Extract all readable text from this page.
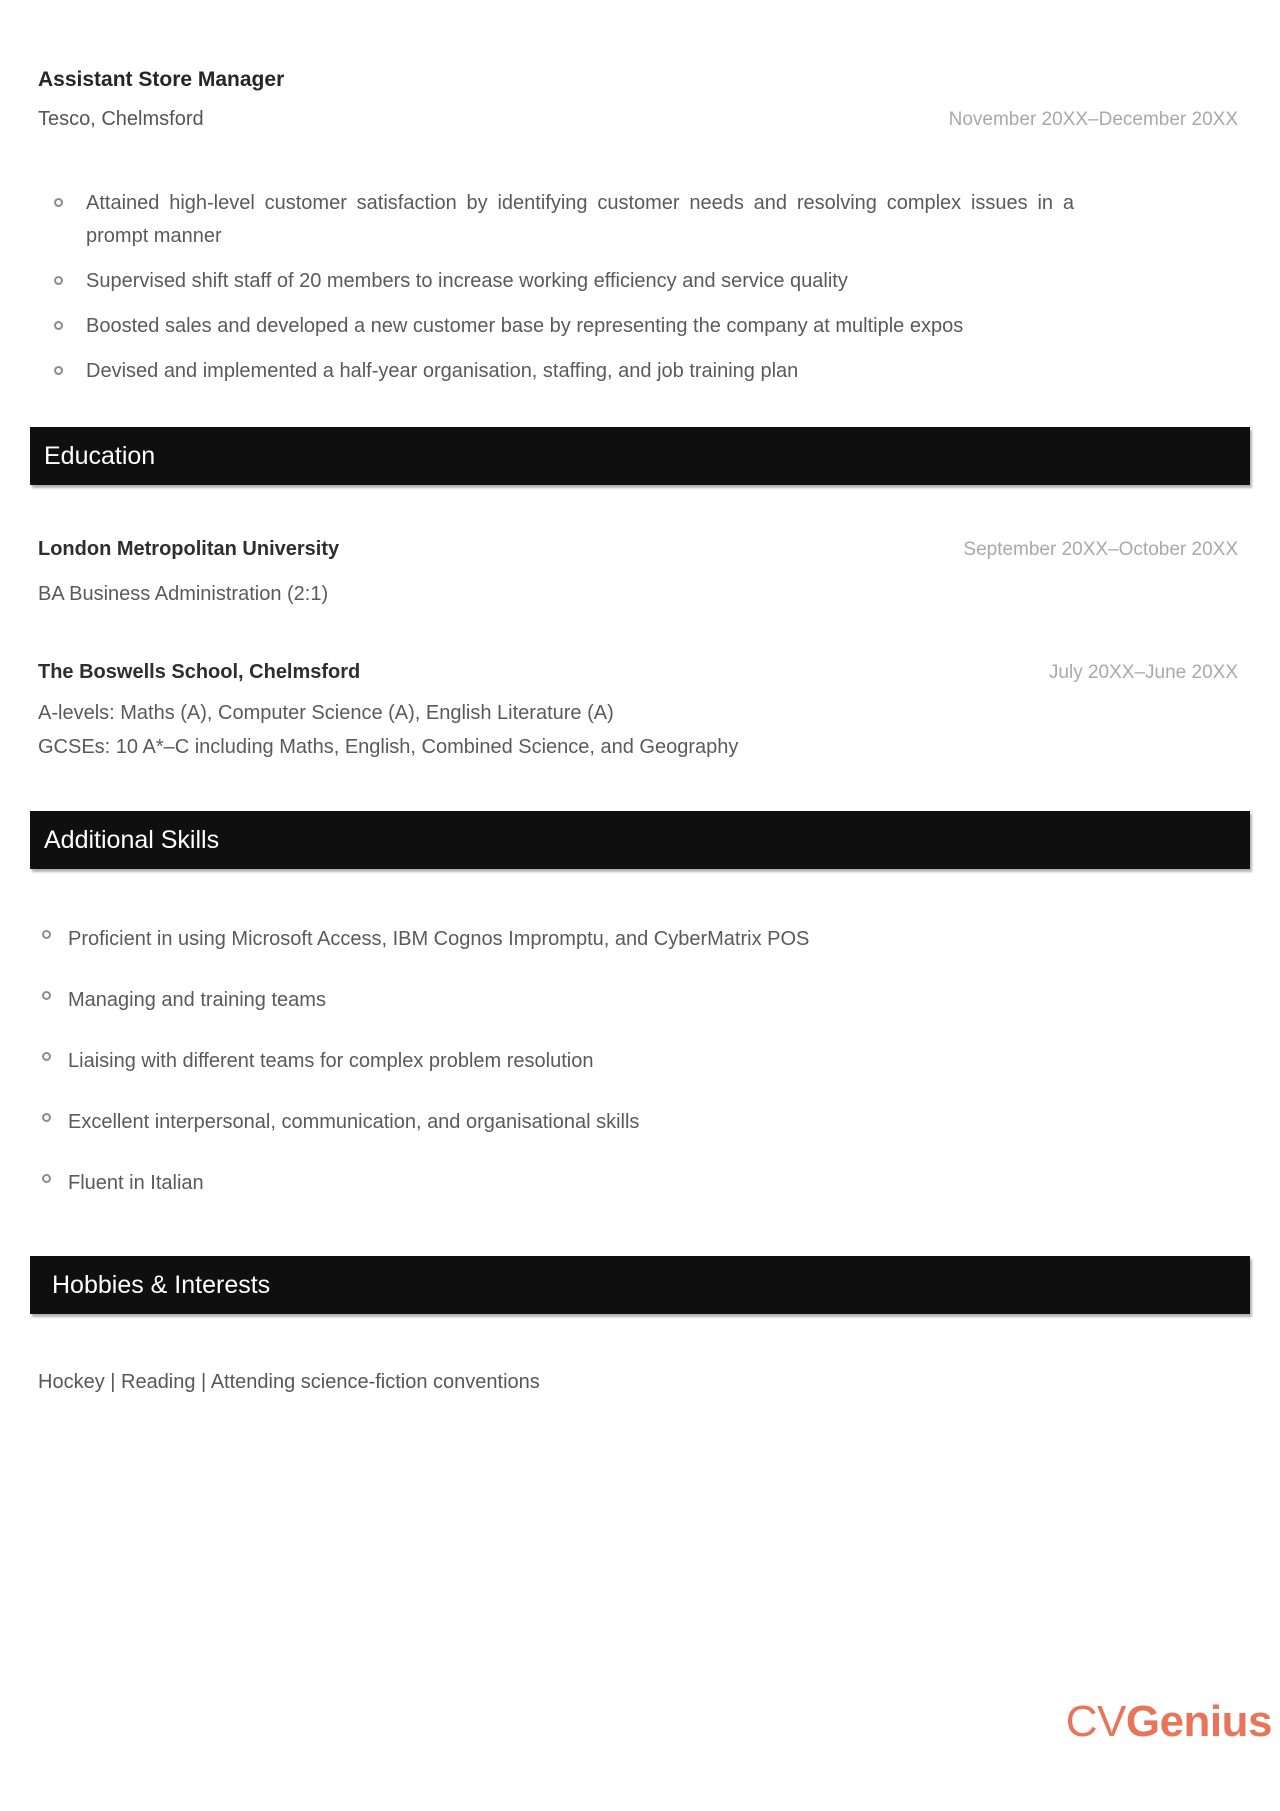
Assistant Store Manager
Tesco, Chelmsford	November 20XX–December 20XX
Attained high-level customer satisfaction by identifying customer needs and resolving complex issues in a prompt manner
Supervised shift staff of 20 members to increase working efficiency and service quality
Boosted sales and developed a new customer base by representing the company at multiple expos
Devised and implemented a half-year organisation, staffing, and job training plan
Education
London Metropolitan University	September 20XX–October 20XX
BA Business Administration (2:1)
The Boswells School, Chelmsford	July 20XX–June 20XX
A-levels: Maths (A), Computer Science (A), English Literature (A)
GCSEs: 10 A*–C including Maths, English, Combined Science, and Geography
Additional Skills
Proficient in using Microsoft Access, IBM Cognos Impromptu, and CyberMatrix POS
Managing and training teams
Liaising with different teams for complex problem resolution
Excellent interpersonal, communication, and organisational skills
Fluent in Italian
Hobbies & Interests
Hockey | Reading | Attending science-fiction conventions
CVGenius
